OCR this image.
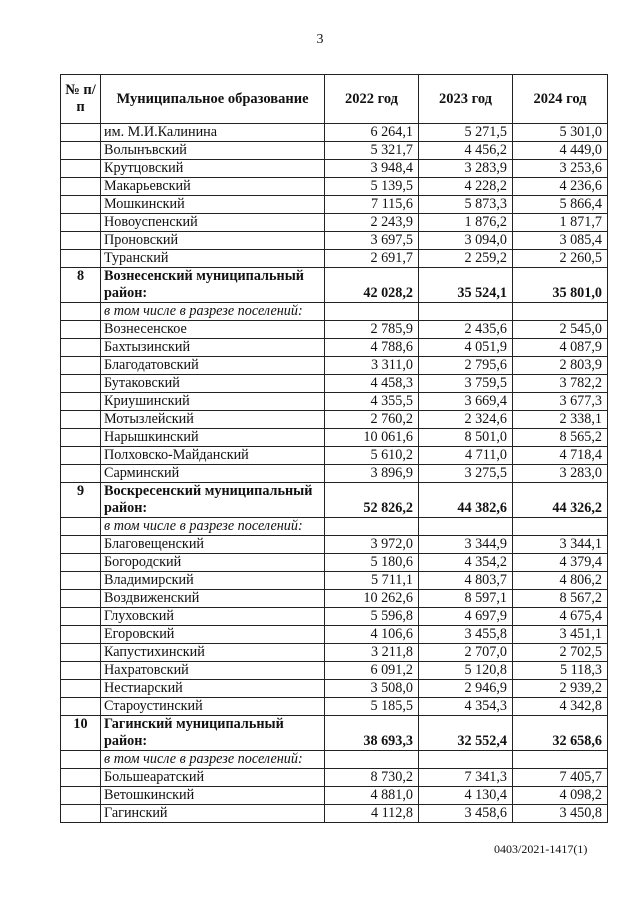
3
№ п/п	Муниципальное образование	2022 год	2023 год	2024 год
	им. М.И.Калинина	6 264,1	5 271,5	5 301,0
	Волынъвский	5 321,7	4 456,2	4 449,0
	Крутцовский	3 948,4	3 283,9	3 253,6
	Макарьевский	5 139,5	4 228,2	4 236,6
	Мошкинский	7 115,6	5 873,3	5 866,4
	Новоуспенский	2 243,9	1 876,2	1 871,7
	Проновский	3 697,5	3 094,0	3 085,4
	Туранский	2 691,7	2 259,2	2 260,5
8	Вознесенский муниципальный район:	42 028,2	35 524,1	35 801,0
	в том числе в разрезе поселений:			
	Вознесенское	2 785,9	2 435,6	2 545,0
	Бахтызинский	4 788,6	4 051,9	4 087,9
	Благодатовский	3 311,0	2 795,6	2 803,9
	Бутаковский	4 458,3	3 759,5	3 782,2
	Криушинский	4 355,5	3 669,4	3 677,3
	Мотызлейский	2 760,2	2 324,6	2 338,1
	Нарышкинский	10 061,6	8 501,0	8 565,2
	Полховско-Майданский	5 610,2	4 711,0	4 718,4
	Сарминский	3 896,9	3 275,5	3 283,0
9	Воскресенский муниципальный район:	52 826,2	44 382,6	44 326,2
	в том числе в разрезе поселений:			
	Благовещенский	3 972,0	3 344,9	3 344,1
	Богородский	5 180,6	4 354,2	4 379,4
	Владимирский	5 711,1	4 803,7	4 806,2
	Воздвиженский	10 262,6	8 597,1	8 567,2
	Глуховский	5 596,8	4 697,9	4 675,4
	Егоровский	4 106,6	3 455,8	3 451,1
	Капустихинский	3 211,8	2 707,0	2 702,5
	Нахратовский	6 091,2	5 120,8	5 118,3
	Нестиарский	3 508,0	2 946,9	2 939,2
	Староустинский	5 185,5	4 354,3	4 342,8
10	Гагинский муниципальный район:	38 693,3	32 552,4	32 658,6
	в том числе в разрезе поселений:			
	Большеаратский	8 730,2	7 341,3	7 405,7
	Ветошкинский	4 881,0	4 130,4	4 098,2
	Гагинский	4 112,8	3 458,6	3 450,8
0403/2021-1417(1)
